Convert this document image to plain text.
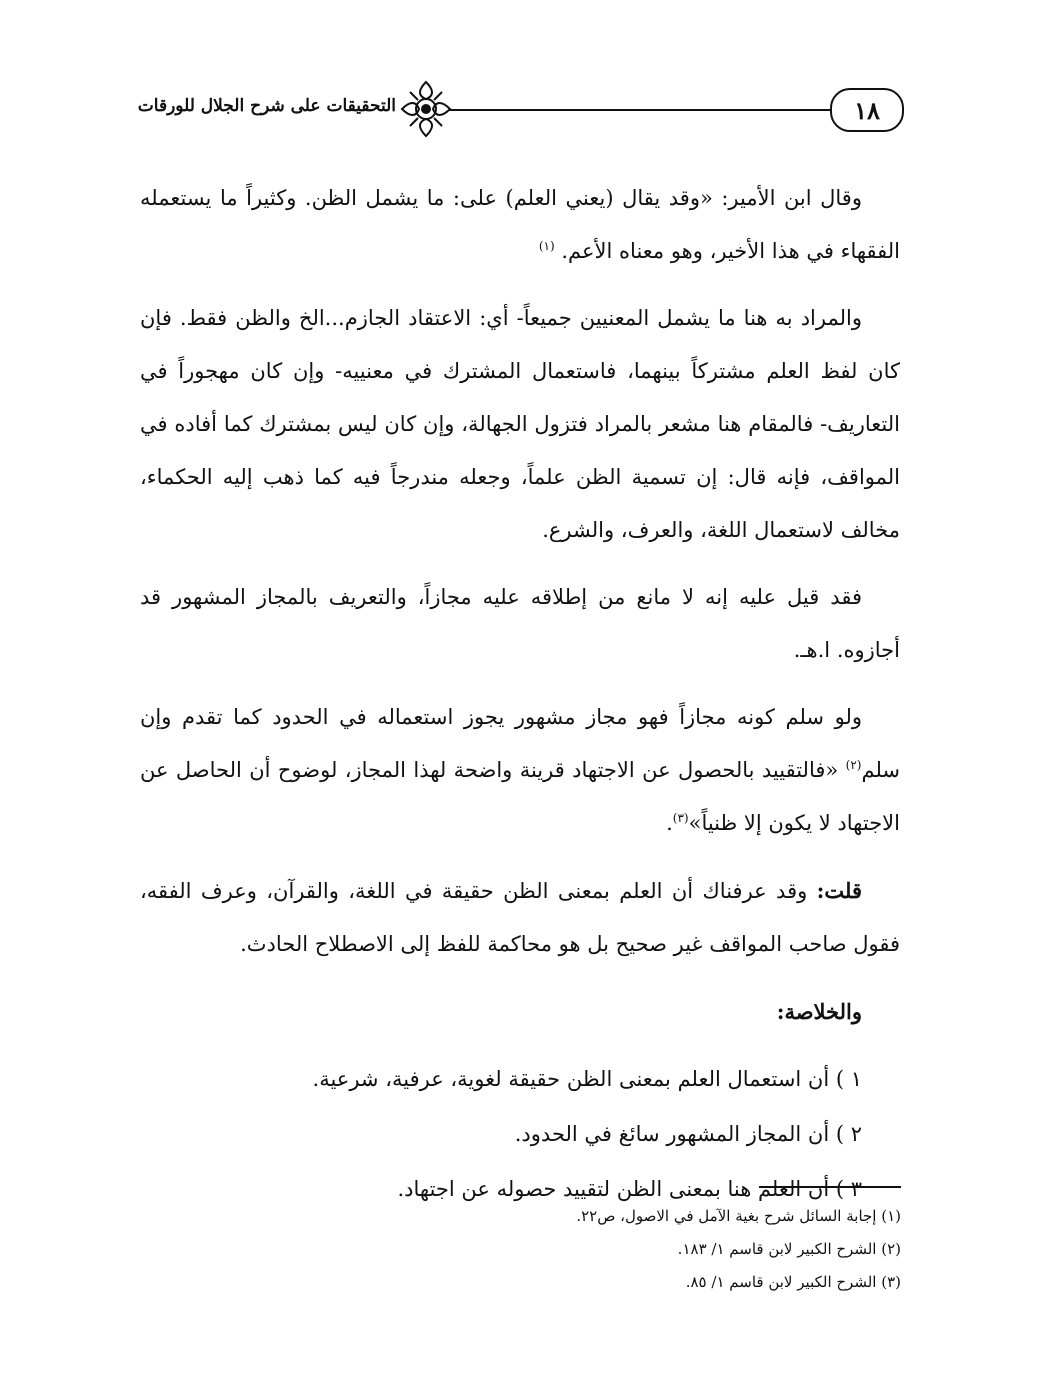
التحقيقات على شرح الجلال للورقات	١٨

وقال ابن الأمير: «وقد يقال (يعني العلم) على: ما يشمل الظن. وكثيراً ما يستعمله الفقهاء في هذا الأخير، وهو معناه الأعم. $^{(١)}$

والمراد به هنا ما يشمل المعنيين جميعاً- أي: الاعتقاد الجازم...الخ والظن فقط. فإن كان لفظ العلم مشتركاً بينهما، فاستعمال المشترك في معنييه- وإن كان مهجوراً في التعاريف- فالمقام هنا مشعر بالمراد فتزول الجهالة، وإن كان ليس بمشترك كما أفاده في المواقف، فإنه قال: إن تسمية الظن علماً، وجعله مندرجاً فيه كما ذهب إليه الحكماء، مخالف لاستعمال اللغة، والعرف، والشرع.

فقد قيل عليه إنه لا مانع من إطلاقه عليه مجازاً، والتعريف بالمجاز المشهور قد أجازوه. ا.هـ.

ولو سلم كونه مجازاً فهو مجاز مشهور يجوز استعماله في الحدود كما تقدم وإن سلم$^{(٢)}$ «فالتقييد بالحصول عن الاجتهاد قرينة واضحة لهذا المجاز، لوضوح أن الحاصل عن الاجتهاد لا يكون إلا ظنياً»$^{(٣)}$.

قلت: وقد عرفناك أن العلم بمعنى الظن حقيقة في اللغة، والقرآن، وعرف الفقه، فقول صاحب المواقف غير صحيح بل هو محاكمة للفظ إلى الاصطلاح الحادث.

والخلاصة:

١ ) أن استعمال العلم بمعنى الظن حقيقة لغوية، عرفية، شرعية.
٢ ) أن المجاز المشهور سائغ في الحدود.
٣ ) أن العلم هنا بمعنى الظن لتقييد حصوله عن اجتهاد.
(١) إجابة السائل شرح بغية الآمل في الاصول، ص٢٢.
(٢) الشرح الكبير لابن قاسم ١/ ١٨٣.
(٣) الشرح الكبير لابن قاسم ١/ ٨٥.
